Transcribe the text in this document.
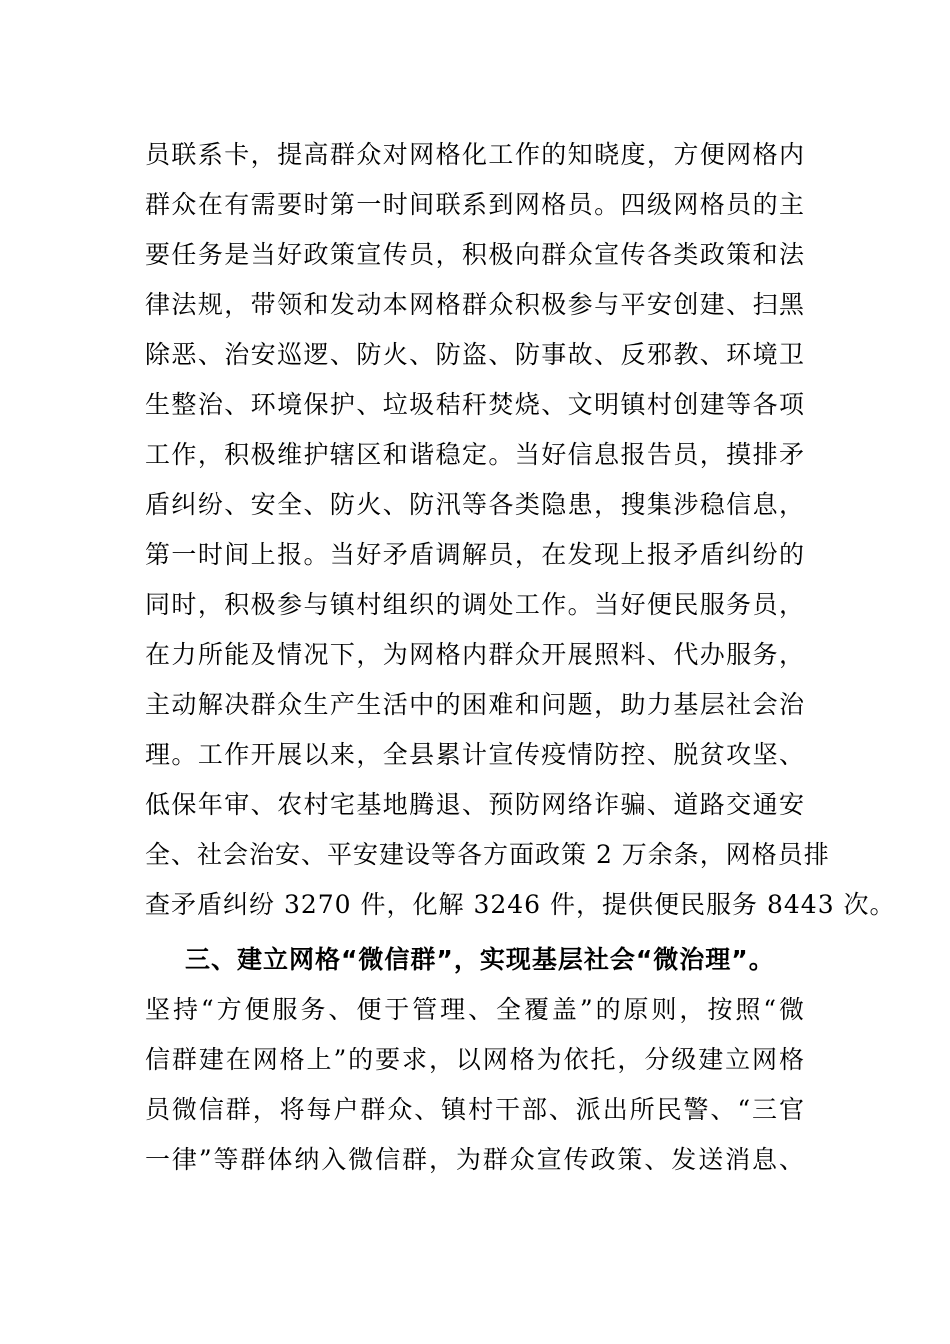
员联系卡，提高群众对网格化工作的知晓度，方便网格内
群众在有需要时第一时间联系到网格员。四级网格员的主
要任务是当好政策宣传员，积极向群众宣传各类政策和法
律法规，带领和发动本网格群众积极参与平安创建、扫黑
除恶、治安巡逻、防火、防盗、防事故、反邪教、环境卫
生整治、环境保护、垃圾秸秆焚烧、文明镇村创建等各项
工作，积极维护辖区和谐稳定。当好信息报告员，摸排矛
盾纠纷、安全、防火、防汛等各类隐患，搜集涉稳信息，
第一时间上报。当好矛盾调解员，在发现上报矛盾纠纷的
同时，积极参与镇村组织的调处工作。当好便民服务员，
在力所能及情况下，为网格内群众开展照料、代办服务，
主动解决群众生产生活中的困难和问题，助力基层社会治
理。工作开展以来，全县累计宣传疫情防控、脱贫攻坚、
低保年审、农村宅基地腾退、预防网络诈骗、道路交通安
全、社会治安、平安建设等各方面政策 2 万余条，网格员排
查矛盾纠纷 3270 件，化解 3246 件，提供便民服务 8443 次。
三、建立网格“微信群”，实现基层社会“微治理”。
坚持“方便服务、便于管理、全覆盖”的原则，按照“微
信群建在网格上”的要求，以网格为依托，分级建立网格
员微信群，将每户群众、镇村干部、派出所民警、“三官
一律”等群体纳入微信群，为群众宣传政策、发送消息、
